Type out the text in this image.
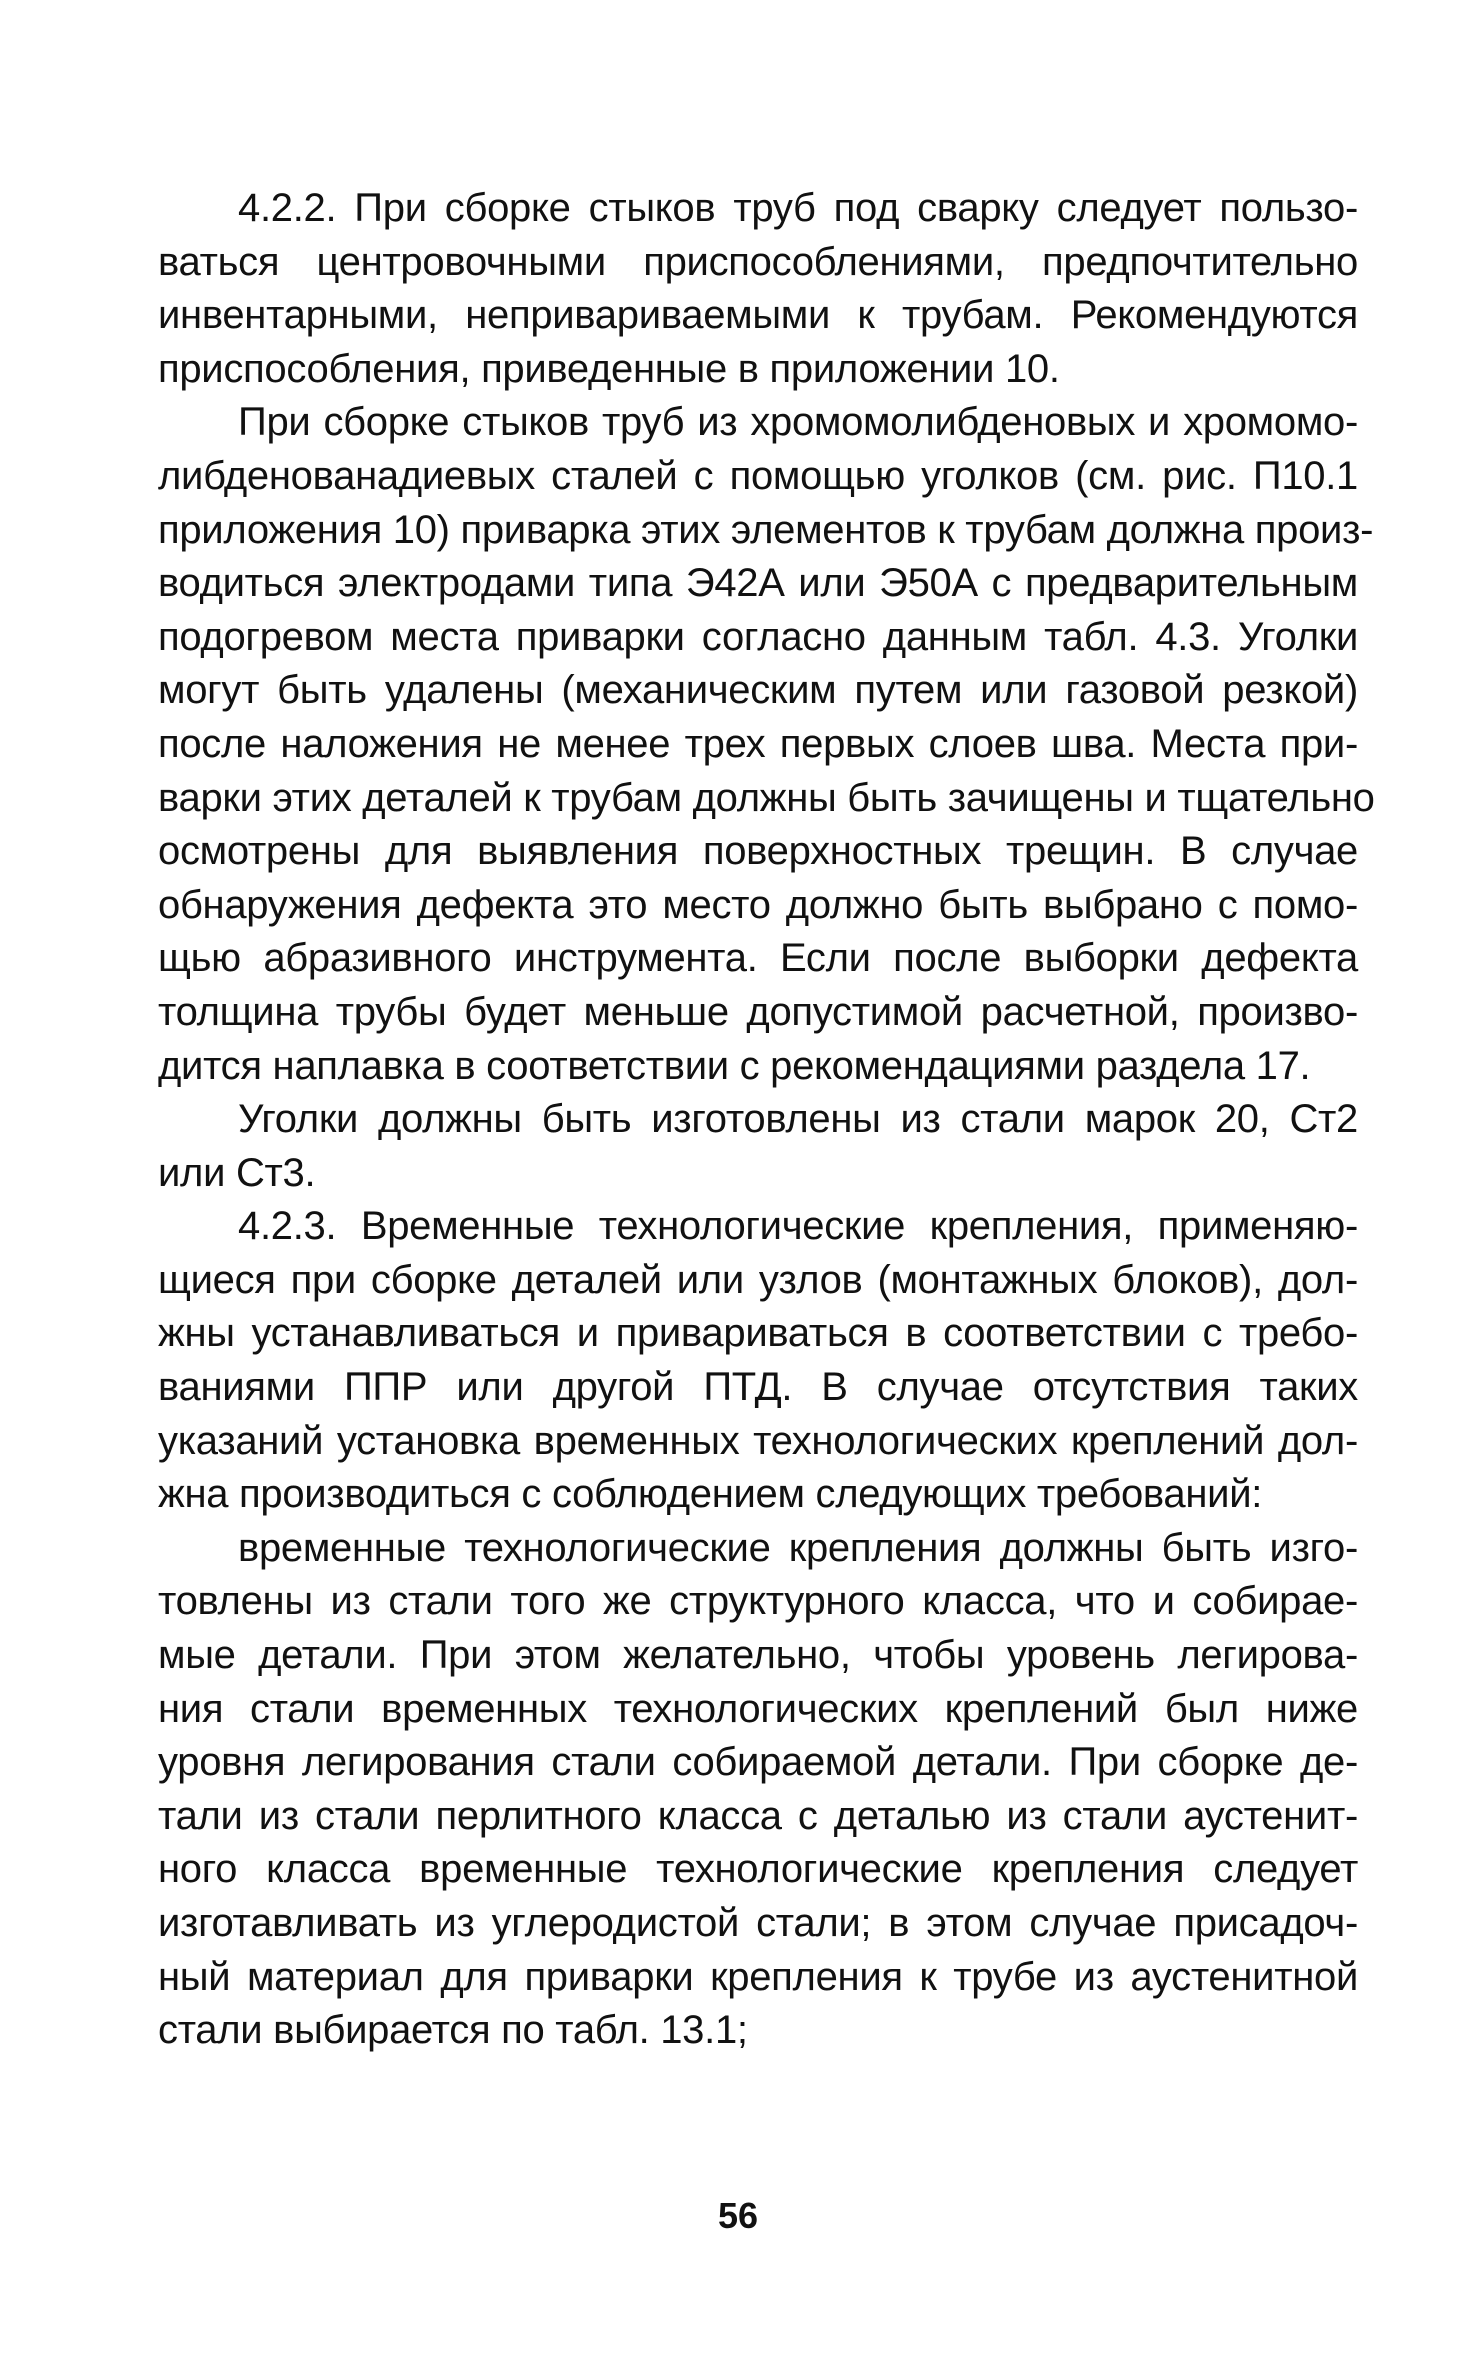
4.2.2. При сборке стыков труб под сварку следует пользо-
ваться центровочными приспособлениями, предпочтительно
инвентарными, непривариваемыми к трубам. Рекомендуются
приспособления, приведенные в приложении 10.
При сборке стыков труб из хромомолибденовых и хромомо-
либденованадиевых сталей с помощью уголков (см. рис. П10.1
приложения 10) приварка этих элементов к трубам должна произ-
водиться электродами типа Э42А или Э50А с предварительным
подогревом места приварки согласно данным табл. 4.3. Уголки
могут быть удалены (механическим путем или газовой резкой)
после наложения не менее трех первых слоев шва. Места при-
варки этих деталей к трубам должны быть зачищены и тщательно
осмотрены для выявления поверхностных трещин. В случае
обнаружения дефекта это место должно быть выбрано с помо-
щью абразивного инструмента. Если после выборки дефекта
толщина трубы будет меньше допустимой расчетной, произво-
дится наплавка в соответствии с рекомендациями раздела 17.
Уголки должны быть изготовлены из стали марок 20, Ст2
или Ст3.
4.2.3. Временные технологические крепления, применяю-
щиеся при сборке деталей или узлов (монтажных блоков), дол-
жны устанавливаться и привариваться в соответствии с требо-
ваниями ППР или другой ПТД. В случае отсутствия таких
указаний установка временных технологических креплений дол-
жна производиться с соблюдением следующих требований:
временные технологические крепления должны быть изго-
товлены из стали того же структурного класса, что и собирае-
мые детали. При этом желательно, чтобы уровень легирова-
ния стали временных технологических креплений был ниже
уровня легирования стали собираемой детали. При сборке де-
тали из стали перлитного класса с деталью из стали аустенит-
ного класса временные технологические крепления следует
изготавливать из углеродистой стали; в этом случае присадоч-
ный материал для приварки крепления к трубе из аустенитной
стали выбирается по табл. 13.1;
56
